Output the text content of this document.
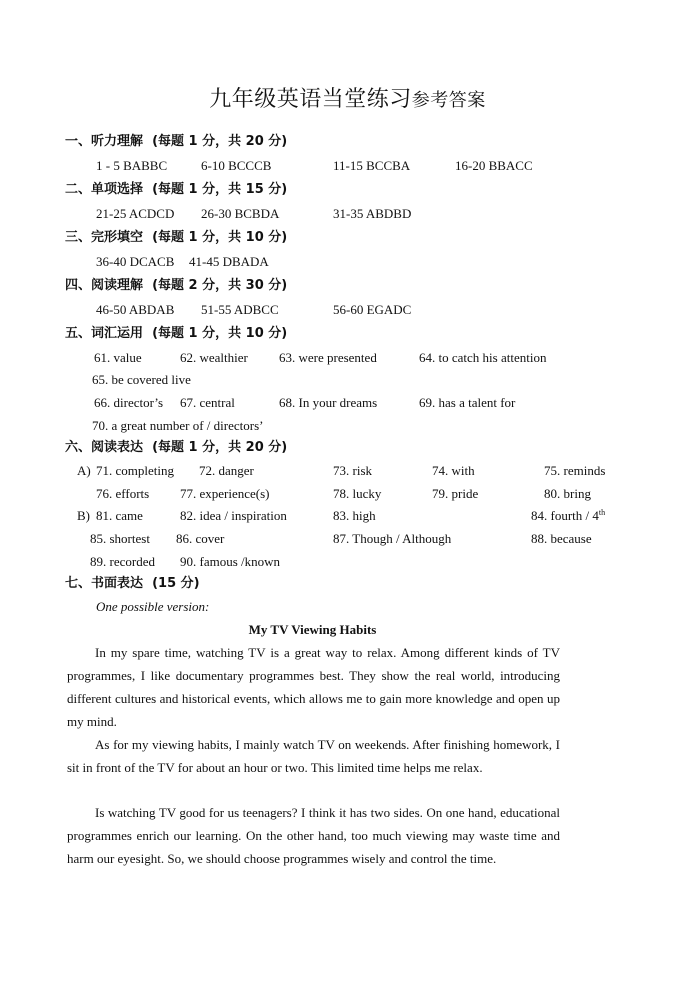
九年级英语当堂练习参考答案
一、听力理解 (每题 1 分，共 20 分)
1 - 5 BABBC	6-10 BCCCB	11-15 BCCBA	16-20 BBACC
二、单项选择 (每题 1 分，共 15 分)
21-25 ACDCD 26-30 BCBDA	31-35 ABDBD
三、完形填空 (每题 1 分，共 10 分)
36-40 DCACB 41-45 DBADA
四、阅读理解 (每题 2 分，共 30 分)
46-50 ABDAB 51-55 ADBCC	56-60 EGADC
五、词汇运用 (每题 1 分，共 10 分)
61. value	62. wealthier 63. were presented	64. to catch his attention
65. be covered live
66. director’s 67. central	68. In your dreams	69. has a talent for
70. a great number of / directors’
六、阅读表达 (每题 1 分，共 20 分)
A) 71. completing 72. danger	73. risk	74. with	75. reminds
76. efforts 77. experience(s)	78. lucky	79. pride	80. bring
B) 81. came	82. idea / inspiration	83. high	84. fourth / 4th
85. shortest 86. cover	87. Though / Although	88. because
89. recorded 90. famous /known
七、书面表达 (15 分)
One possible version:
My TV Viewing Habits
In my spare time, watching TV is a great way to relax. Among different kinds of TV programmes, I like documentary programmes best. They show the real world, introducing different cultures and historical events, which allows me to gain more knowledge and open up my mind.
As for my viewing habits, I mainly watch TV on weekends. After finishing homework, I sit in front of the TV for about an hour or two. This limited time helps me relax.
Is watching TV good for us teenagers? I think it has two sides. On one hand, educational programmes enrich our learning. On the other hand, too much viewing may waste time and harm our eyesight. So, we should choose programmes wisely and control the time.
